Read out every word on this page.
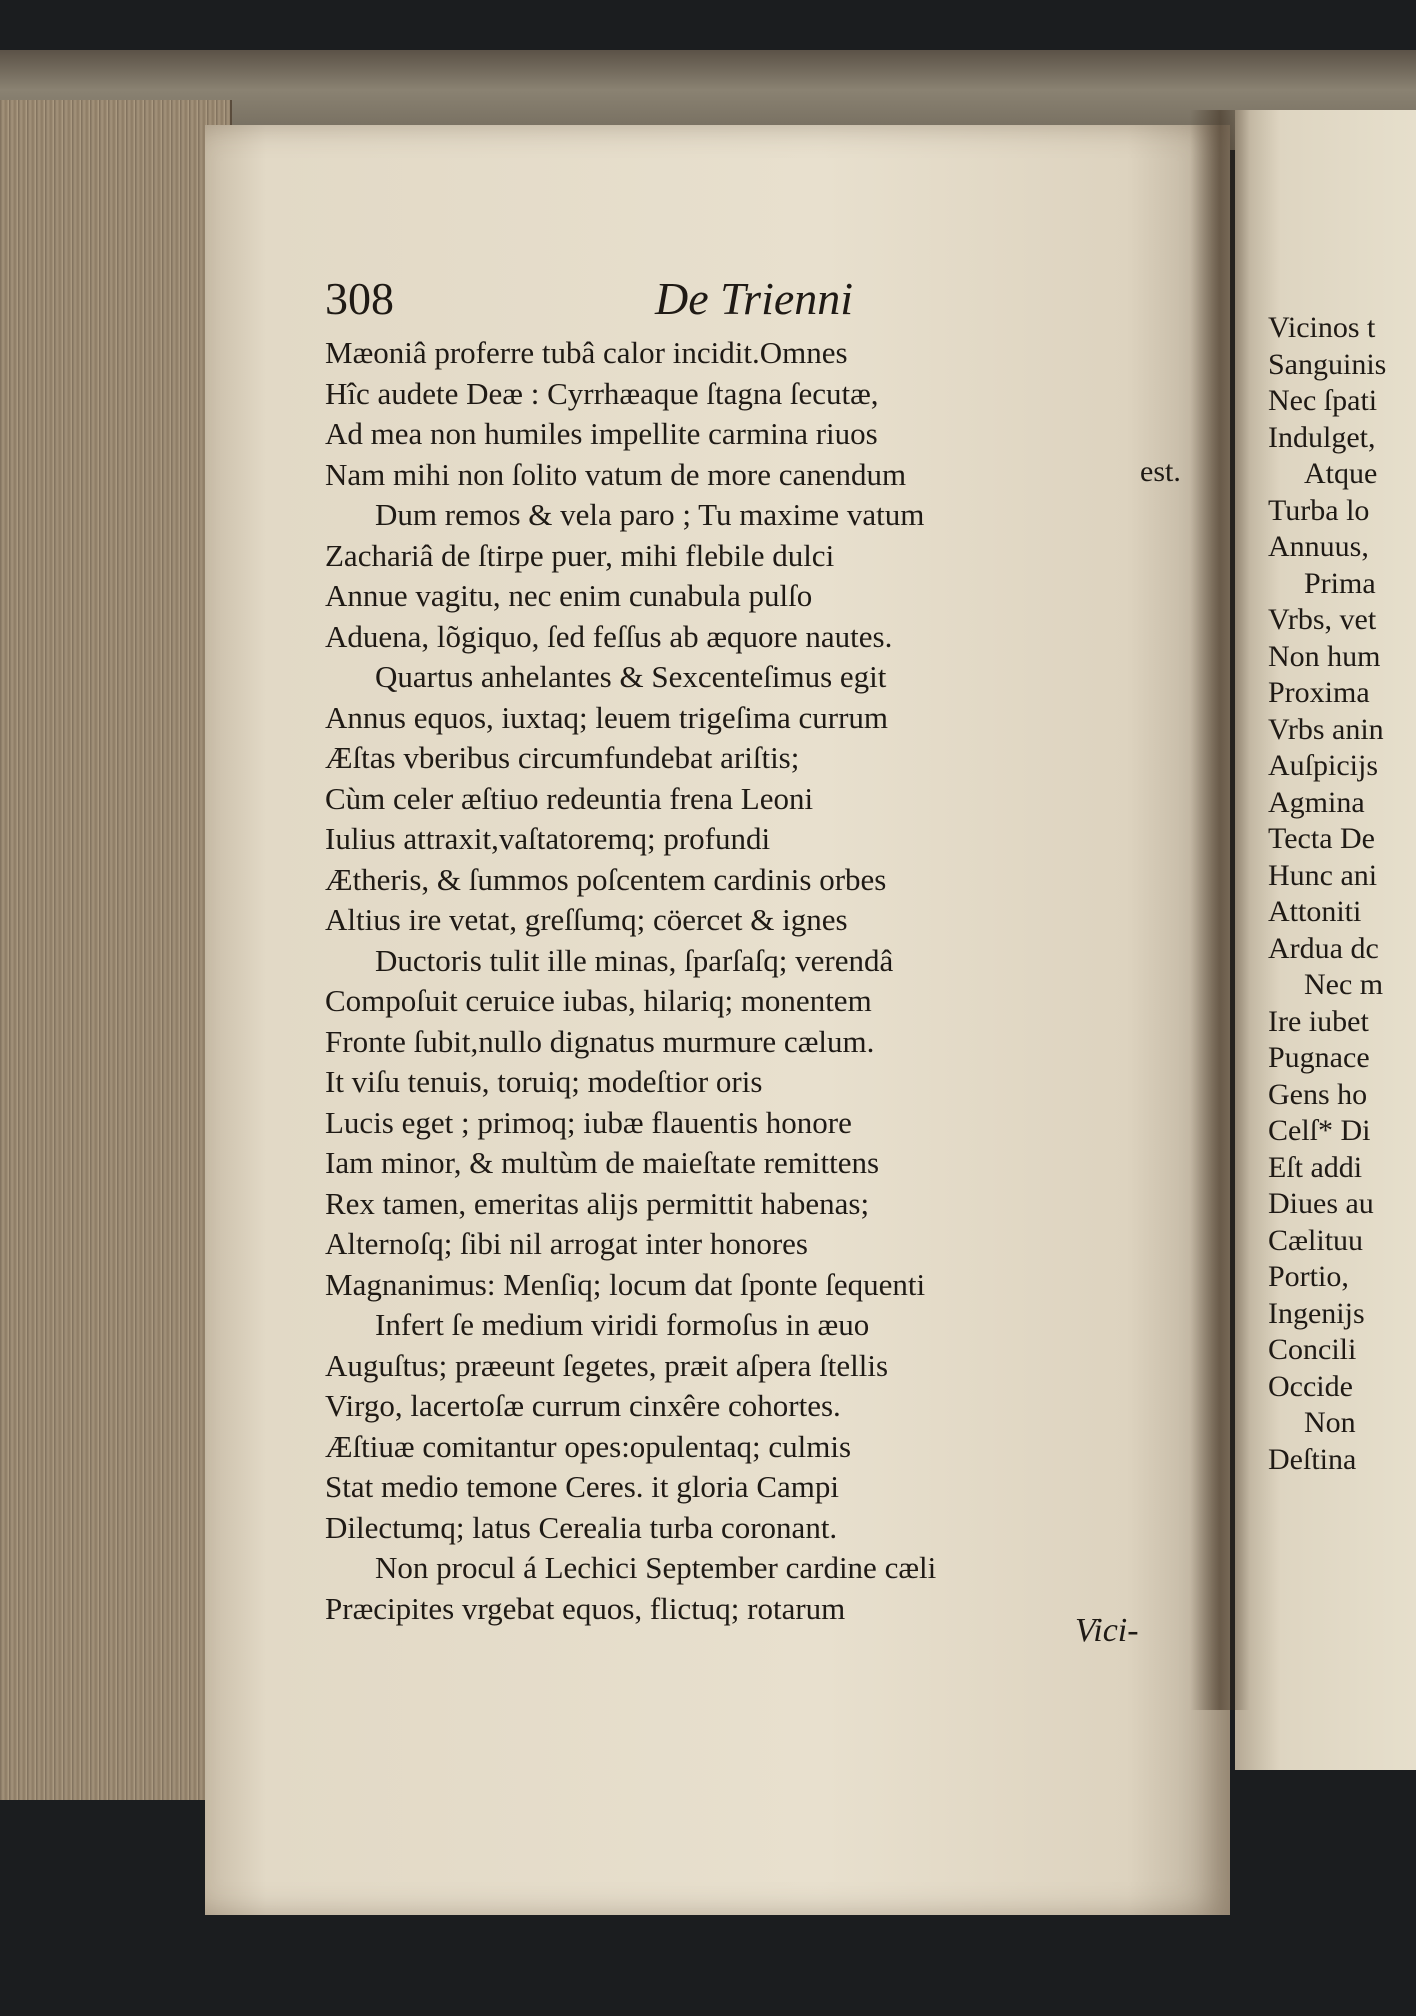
308	De Trienni
Mæoniâ proferre tubâ calor incidit.Omnes
Hîc audete Deæ : Cyrrhæaque ſtagna ſecutæ,
Ad mea non humiles impellite carmina riuos
Nam mihi non ſolito vatum de more canendum
Dum remos & vela paro ; Tu maxime vatum
Zachariâ de ſtirpe puer, mihi flebile dulci
Annue vagitu, nec enim cunabula pulſo
Aduena, lõgiquo, ſed feſſus ab æquore nautes.
Quartus anhelantes & Sexcenteſimus egit
Annus equos, iuxtaq; leuem trigeſima currum
Æſtas vberibus circumfundebat ariſtis;
Cùm celer æſtiuo redeuntia frena Leoni
Iulius attraxit,vaſtatoremq; profundi
Ætheris, & ſummos poſcentem cardinis orbes
Altius ire vetat, greſſumq; cöercet & ignes
Ductoris tulit ille minas, ſparſaſq; verendâ
Compoſuit ceruice iubas, hilariq; monentem
Fronte ſubit,nullo dignatus murmure cælum.
It viſu tenuis, toruiq; modeſtior oris
Lucis eget ; primoq; iubæ flauentis honore
Iam minor, & multùm de maieſtate remittens
Rex tamen, emeritas alijs permittit habenas;
Alternoſq; ſibi nil arrogat inter honores
Magnanimus: Menſiq; locum dat ſponte ſequenti
Infert ſe medium viridi formoſus in æuo
Auguſtus; præeunt ſegetes, præit aſpera ſtellis
Virgo, lacertoſæ currum cinxêre cohortes.
Æſtiuæ comitantur opes:opulentaq; culmis
Stat medio temone Ceres. it gloria Campi
Dilectumq; latus Cerealia turba coronant.
Non procul á Lechici September cardine cæli
Præcipites vrgebat equos, flictuq; rotarum
est.
Vici-
Vicinos t
Sanguinis
Nec ſpati
Indulget,
Atque
Turba lo
Annuus,
Prima
Vrbs, vet
Non hum
Proxima
Vrbs anin
Auſpicijs
Agmina
Tecta De
Hunc ani
Attoniti
Ardua dc
Nec m
Ire iubet
Pugnace
Gens ho
Celſ* Di
Eſt addi
Diues au
Cælituu
Portio,
Ingenijs
Concili
Occide
Non
Deſtina
